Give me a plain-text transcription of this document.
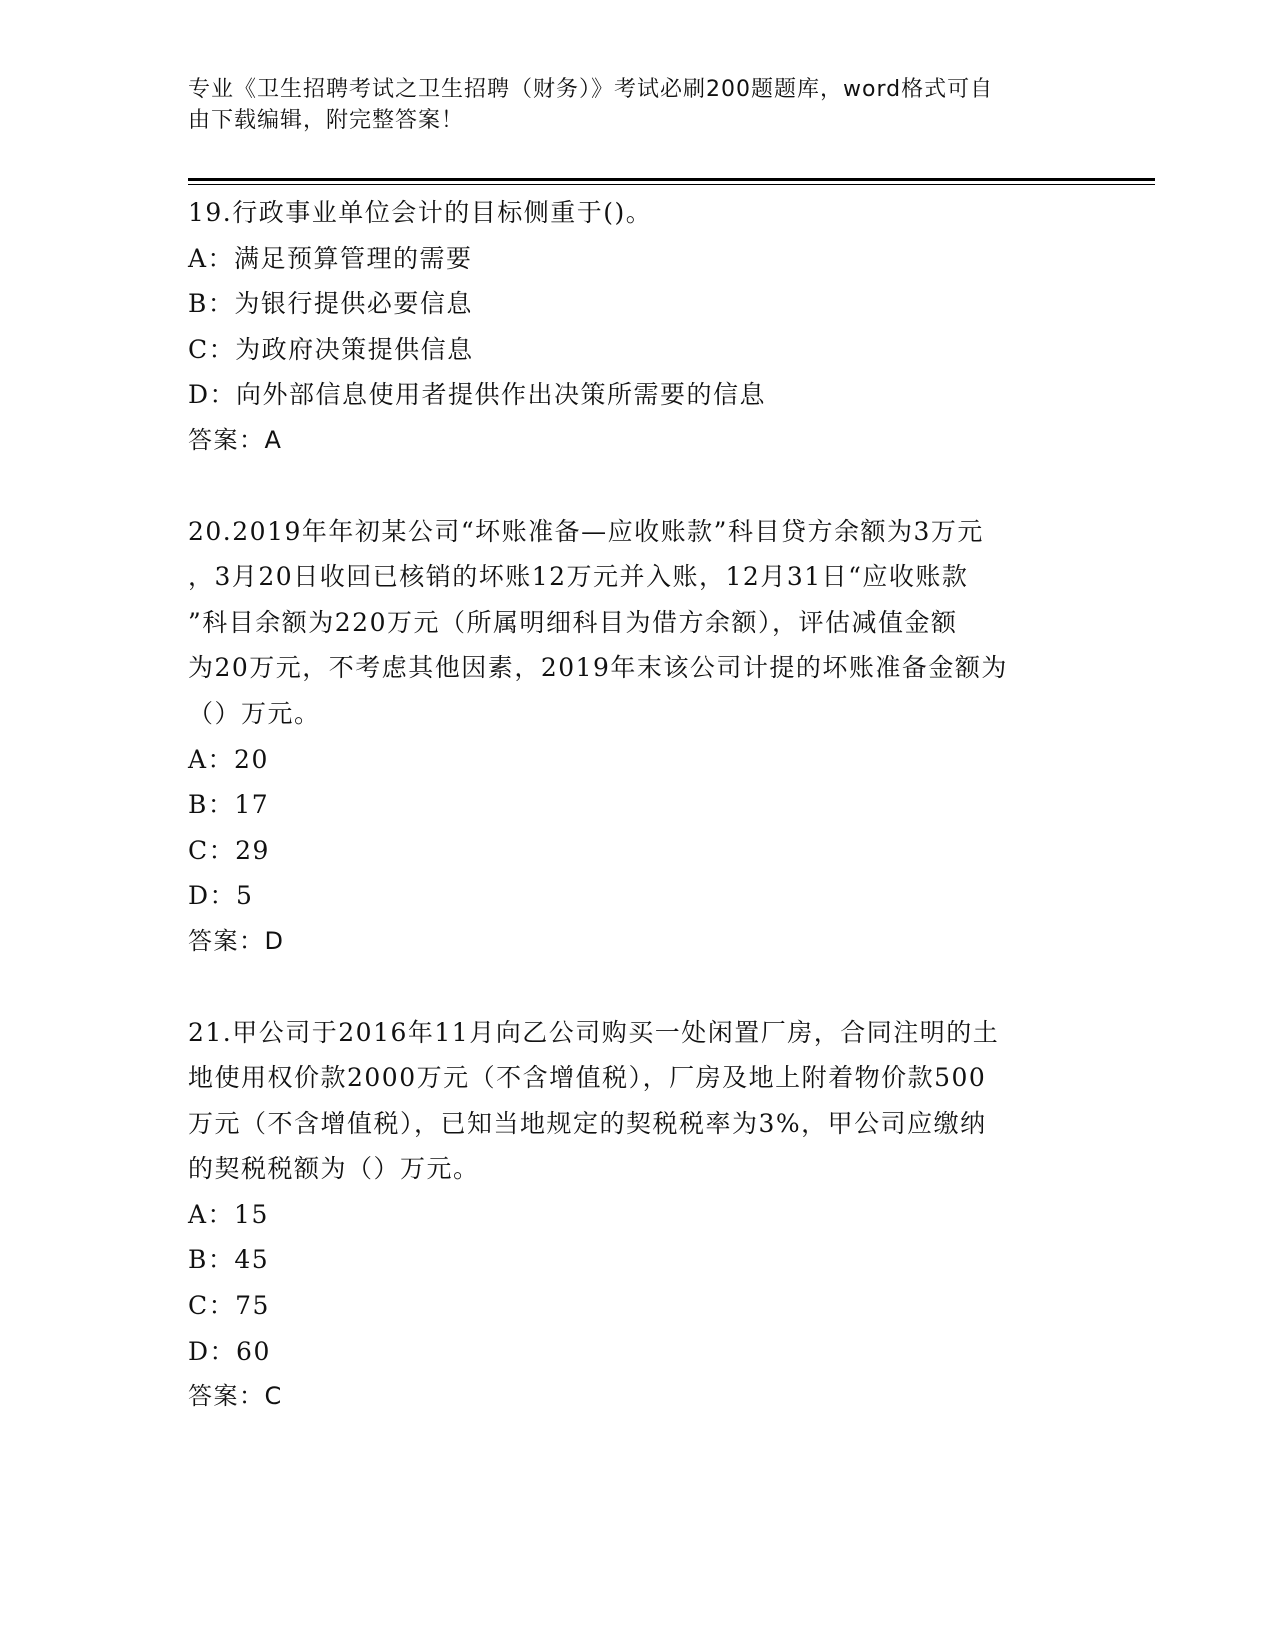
专业《卫生招聘考试之卫生招聘（财务）》考试必刷200题题库，word格式可自
由下载编辑，附完整答案！

19.行政事业单位会计的目标侧重于()。

A：满足预算管理的需要

B：为银行提供必要信息

C：为政府决策提供信息

D：向外部信息使用者提供作出决策所需要的信息

答案：A

20.2019年年初某公司“坏账准备—应收账款”科目贷方余额为3万元

，3月20日收回已核销的坏账12万元并入账，12月31日“应收账款

”科目余额为220万元（所属明细科目为借方余额），评估减值金额

为20万元，不考虑其他因素，2019年末该公司计提的坏账准备金额为

（）万元。

A：20

B：17

C：29

D：5

答案：D

21.甲公司于2016年11月向乙公司购买一处闲置厂房，合同注明的土

地使用权价款2000万元（不含增值税），厂房及地上附着物价款500

万元（不含增值税），已知当地规定的契税税率为3%，甲公司应缴纳

的契税税额为（）万元。

A：15

B：45

C：75

D：60

答案：C
